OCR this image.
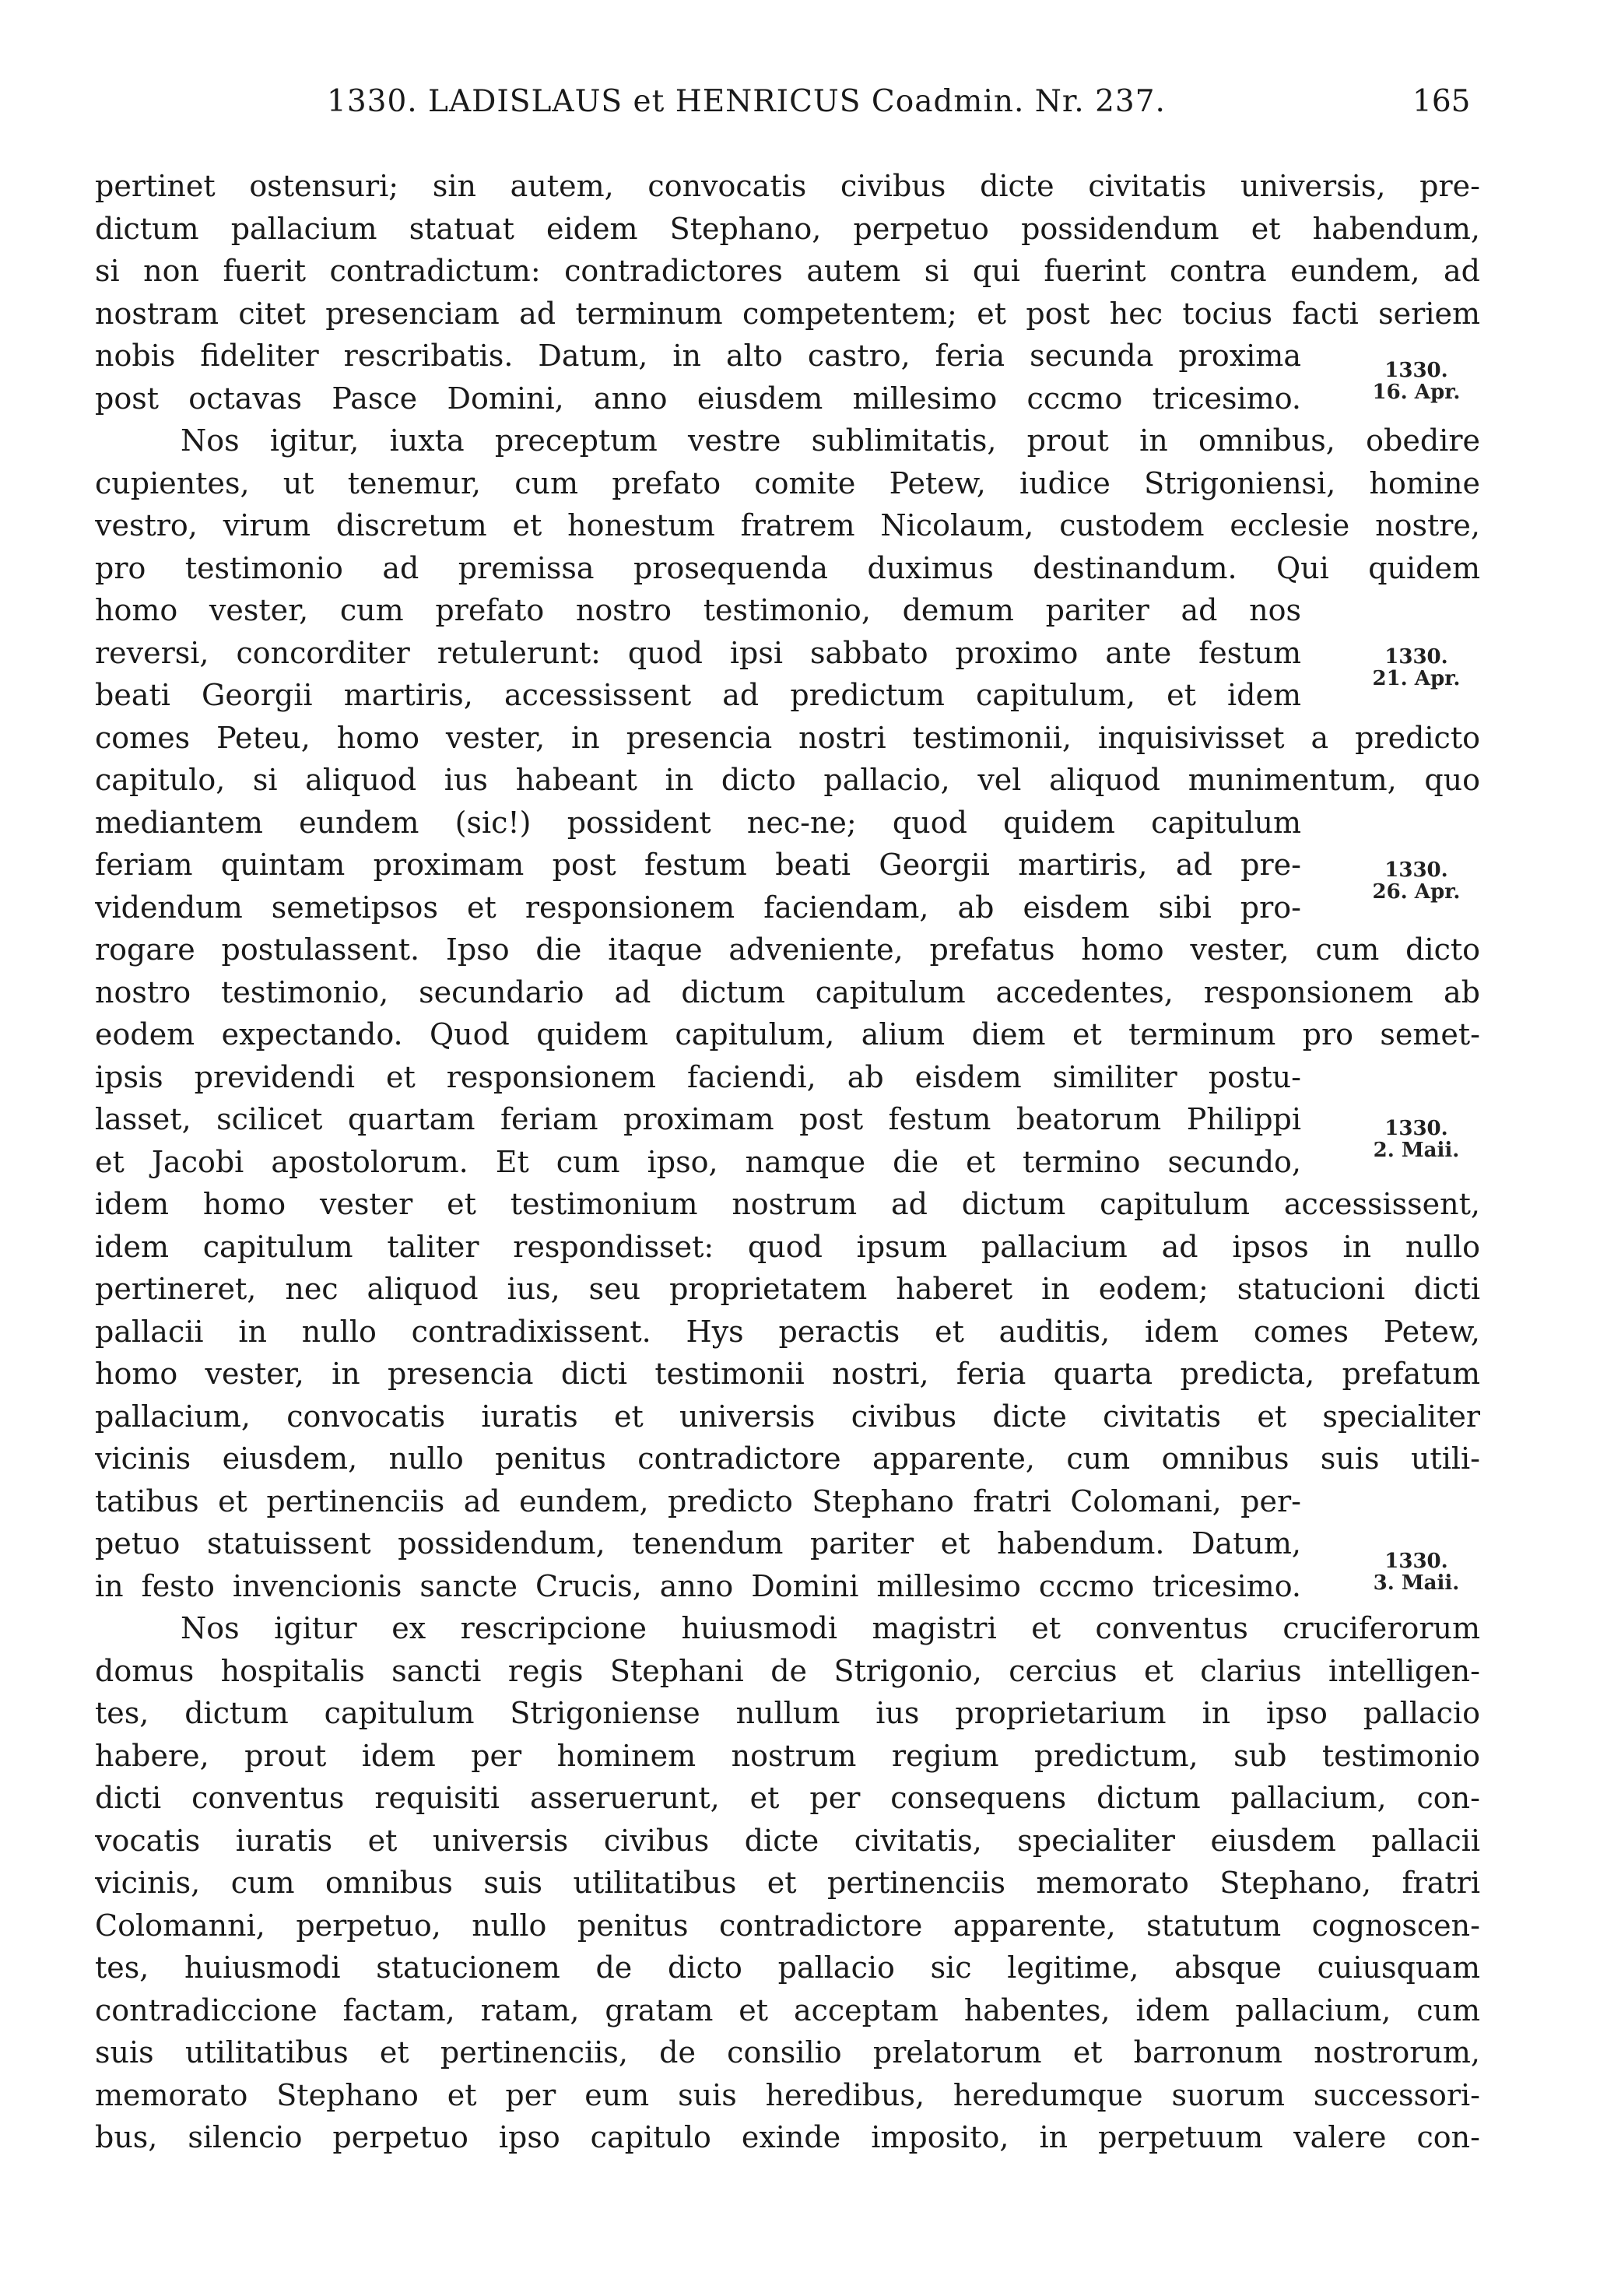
1330. LADISLAUS et HENRICUS Coadmin. Nr. 237.	165
pertinet ostensuri; sin autem, convocatis civibus dicte civitatis universis, pre-
dictum pallacium statuat eidem Stephano, perpetuo possidendum et habendum,
si non fuerit contradictum: contradictores autem si qui fuerint contra eundem, ad
nostram citet presenciam ad terminum competentem; et post hec tocius facti seriem
nobis fideliter rescribatis. Datum, in alto castro, feria secunda proxima
post octavas Pasce Domini, anno eiusdem millesimo cccmo tricesimo.
Nos igitur, iuxta preceptum vestre sublimitatis, prout in omnibus, obedire
cupientes, ut tenemur, cum prefato comite Petew, iudice Strigoniensi, homine
vestro, virum discretum et honestum fratrem Nicolaum, custodem ecclesie nostre,
pro testimonio ad premissa prosequenda duximus destinandum. Qui quidem
homo vester, cum prefato nostro testimonio, demum pariter ad nos
reversi, concorditer retulerunt: quod ipsi sabbato proximo ante festum
beati Georgii martiris, accessissent ad predictum capitulum, et idem
comes Peteu, homo vester, in presencia nostri testimonii, inquisivisset a predicto
capitulo, si aliquod ius habeant in dicto pallacio, vel aliquod munimentum, quo
mediantem eundem (sic!) possident nec-ne; quod quidem capitulum
feriam quintam proximam post festum beati Georgii martiris, ad pre-
videndum semetipsos et responsionem faciendam, ab eisdem sibi pro-
rogare postulassent. Ipso die itaque adveniente, prefatus homo vester, cum dicto
nostro testimonio, secundario ad dictum capitulum accedentes, responsionem ab
eodem expectando. Quod quidem capitulum, alium diem et terminum pro semet-
ipsis previdendi et responsionem faciendi, ab eisdem similiter postu-
lasset, scilicet quartam feriam proximam post festum beatorum Philippi
et Jacobi apostolorum. Et cum ipso, namque die et termino secundo,
idem homo vester et testimonium nostrum ad dictum capitulum accessissent,
idem capitulum taliter respondisset: quod ipsum pallacium ad ipsos in nullo
pertineret, nec aliquod ius, seu proprietatem haberet in eodem; statucioni dicti
pallacii in nullo contradixissent. Hys peractis et auditis, idem comes Petew,
homo vester, in presencia dicti testimonii nostri, feria quarta predicta, prefatum
pallacium, convocatis iuratis et universis civibus dicte civitatis et specialiter
vicinis eiusdem, nullo penitus contradictore apparente, cum omnibus suis utili-
tatibus et pertinenciis ad eundem, predicto Stephano fratri Colomani, per-
petuo statuissent possidendum, tenendum pariter et habendum. Datum,
in festo invencionis sancte Crucis, anno Domini millesimo cccmo tricesimo.
Nos igitur ex rescripcione huiusmodi magistri et conventus cruciferorum
domus hospitalis sancti regis Stephani de Strigonio, cercius et clarius intelligen-
tes, dictum capitulum Strigoniense nullum ius proprietarium in ipso pallacio
habere, prout idem per hominem nostrum regium predictum, sub testimonio
dicti conventus requisiti asseruerunt, et per consequens dictum pallacium, con-
vocatis iuratis et universis civibus dicte civitatis, specialiter eiusdem pallacii
vicinis, cum omnibus suis utilitatibus et pertinenciis memorato Stephano, fratri
Colomanni, perpetuo, nullo penitus contradictore apparente, statutum cognoscen-
tes, huiusmodi statucionem de dicto pallacio sic legitime, absque cuiusquam
contradiccione factam, ratam, gratam et acceptam habentes, idem pallacium, cum
suis utilitatibus et pertinenciis, de consilio prelatorum et barronum nostrorum,
memorato Stephano et per eum suis heredibus, heredumque suorum successori-
bus, silencio perpetuo ipso capitulo exinde imposito, in perpetuum valere con-
1330.
16. Apr.
1330.
21. Apr.
1330.
26. Apr.
1330.
2. Maii.
1330.
3. Maii.
